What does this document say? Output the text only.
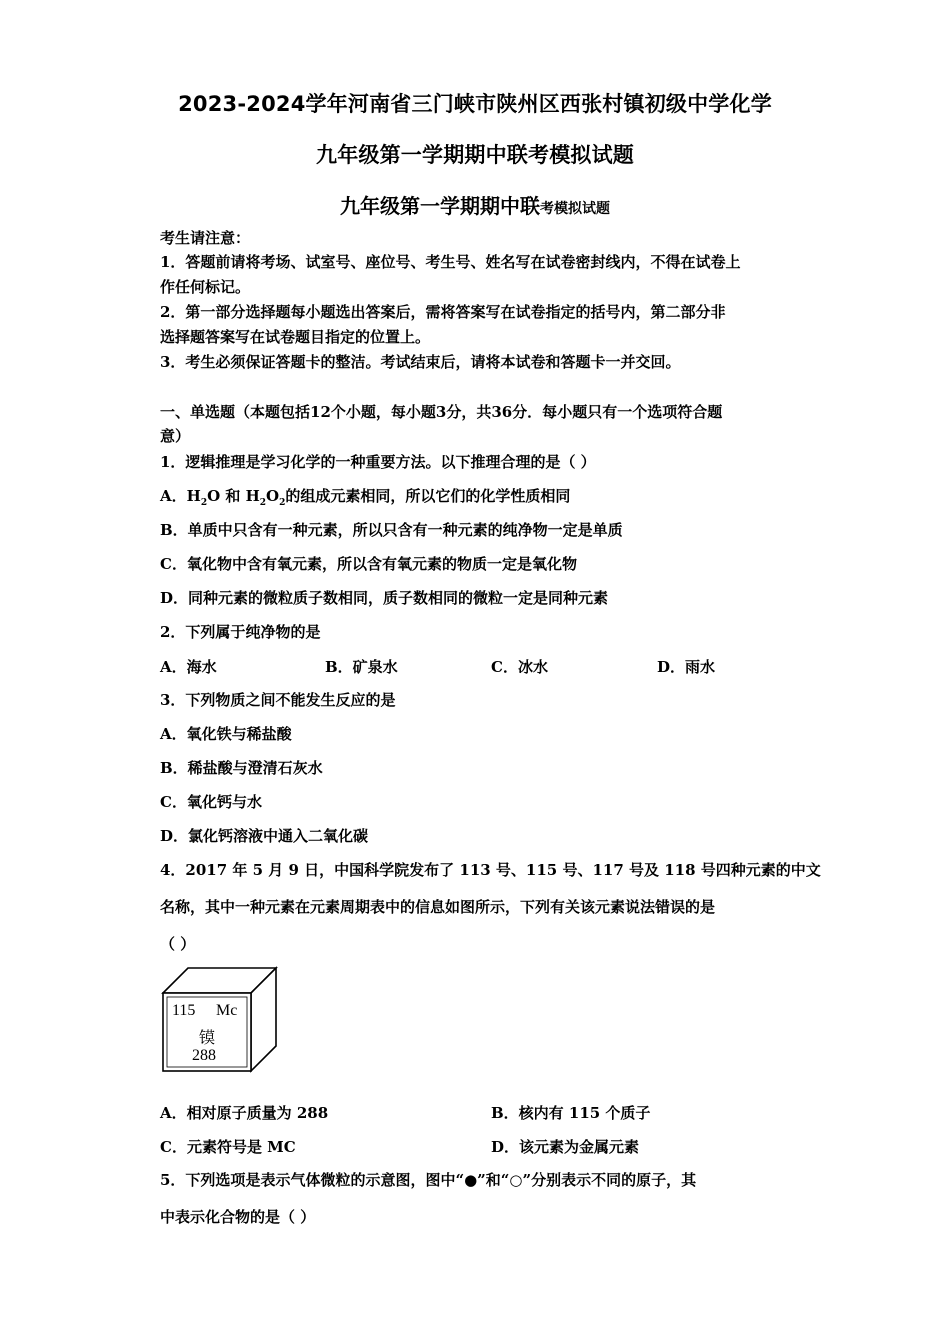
2023-2024学年河南省三门峡市陕州区西张村镇初级中学化学
九年级第一学期期中联考模拟试题
九年级第一学期期中联考模拟试题
考生请注意：
1．答题前请将考场、试室号、座位号、考生号、姓名写在试卷密封线内，不得在试卷上
作任何标记。
2．第一部分选择题每小题选出答案后，需将答案写在试卷指定的括号内，第二部分非
选择题答案写在试卷题目指定的位置上。
3．考生必须保证答题卡的整洁。考试结束后，请将本试卷和答题卡一并交回。
一、单选题（本题包括12个小题，每小题3分，共36分．每小题只有一个选项符合题
意）
1．逻辑推理是学习化学的一种重要方法。以下推理合理的是（ ）
A．$H_2O$ 和 $H_2O_2$的组成元素相同，所以它们的化学性质相同
B．单质中只含有一种元素，所以只含有一种元素的纯净物一定是单质
C．氧化物中含有氧元素，所以含有氧元素的物质一定是氧化物
D．同种元素的微粒质子数相同，质子数相同的微粒一定是同种元素
2．下列属于纯净物的是
A．海水	B．矿泉水	C．冰水	D．雨水
3．下列物质之间不能发生反应的是
A．氧化铁与稀盐酸
B．稀盐酸与澄清石灰水
C．氧化钙与水
D．氯化钙溶液中通入二氧化碳
4．2017 年 5 月 9 日，中国科学院发布了 113 号、115 号、117 号及 118 号四种元素的中文
名称，其中一种元素在元素周期表中的信息如图所示，下列有关该元素说法错误的是
（ ）
115 Mc
镆
288
A．相对原子质量为 288	B．核内有 115 个质子
C．元素符号是 MC	D．该元素为金属元素
5．下列选项是表示气体微粒的示意图，图中“●”和“○”分别表示不同的原子，其
中表示化合物的是（ ）
